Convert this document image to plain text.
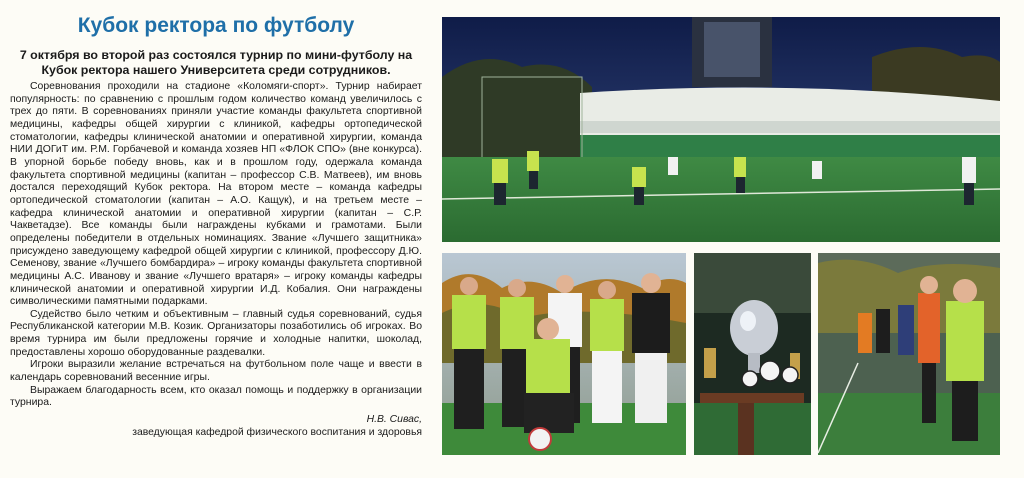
Кубок ректора по футболу

7 октября во второй раз состоялся турнир по мини-футболу на Кубок ректора нашего Университета среди сотрудников.

Соревнования проходили на стадионе «Коломяги-спорт». Турнир набирает популярность: по сравнению с прошлым годом количество команд увеличилось с трех до пяти. В соревнованиях приняли участие команды факультета спортивной медицины, кафедры общей хирургии с клиникой, кафедры ортопедической стоматологии, кафедры клинической анатомии и оперативной хирургии, команда НИИ ДОГиТ им. Р.М. Горбачевой и команда хозяев НП «ФЛОК СПО» (вне конкурса). В упорной борьбе победу вновь, как и в прошлом году, одержала команда факультета спортивной медицины (капитан – профессор С.В. Матвеев), им вновь достался переходящий Кубок ректора. На втором месте – команда кафедры ортопедической стоматологии (капитан – А.О. Кащук), и на третьем месте – кафедра клинической анатомии и оперативной хирургии (капитан – С.Р. Чакветадзе). Все команды были награждены кубками и грамотами. Были определены победители в отдельных номинациях. Звание «Лучшего защитника» присуждено заведующему кафедрой общей хирургии с клиникой, профессору Д.Ю. Семенову, звание «Лучшего бомбардира» – игроку команды факультета спортивной медицины А.С. Иванову и звание «Лучшего вратаря» – игроку команды кафедры клинической анатомии и оперативной хирургии И.Д. Кобалия. Они награждены символическими памятными подарками.

Судейство было четким и объективным – главный судья соревнований, судья Республиканской категории М.В. Козик. Организаторы позаботились об игроках. Во время турнира им были предложены горячие и холодные напитки, шоколад, предоставлены хорошо оборудованные раздевалки.

Игроки выразили желание встречаться на футбольном поле чаще и ввести в календарь соревнований весенние игры.

Выражаем благодарность всем, кто оказал помощь и поддержку в организации турнира.

Н.В. Сивас,

заведующая кафедрой физического воспитания и здоровья
